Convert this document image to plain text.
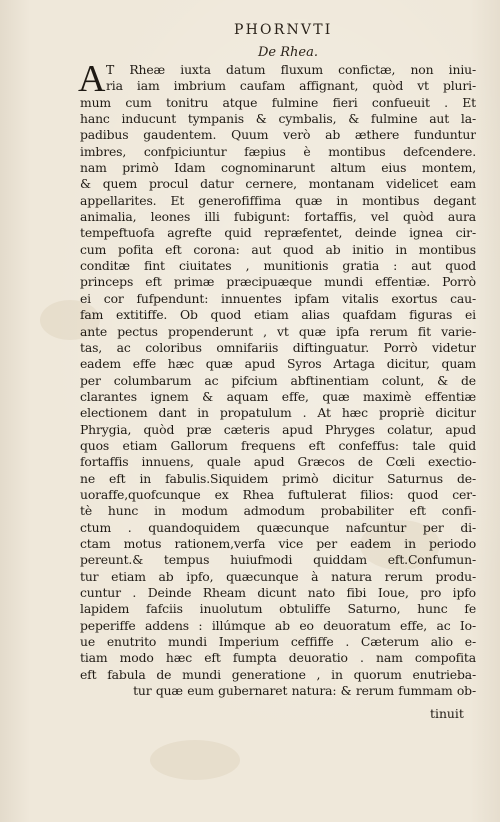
PHORNVTI
De Rhea.
A T Rheæ iuxta datum fluxum confictæ, non iniu-
ria iam imbrium caufam affignant, quòd vt pluri-
mum cum tonitru atque fulmine fieri confueuit . Et
hanc inducunt tympanis & cymbalis, & fulmine aut la-
padibus gaudentem. Quum verò ab æthere funduntur
imbres, confpiciuntur fæpius è montibus defcendere.
nam primò Idam cognominarunt altum eius montem,
& quem procul datur cernere, montanam videlicet eam
appellarites. Et generofiffima quæ in montibus degant
animalia, leones illi fubigunt: fortaffis, vel quòd aura
tempeftuofa agrefte quid repræfentet, deinde ignea cir-
cum pofita eft corona: aut quod ab initio in montibus
conditæ fint ciuitates , munitionis gratia : aut quod
princeps eft primæ præcipuæque mundi effentiæ. Porrò
ei cor fufpendunt: innuentes ipfam vitalis exortus cau-
fam extitiffe. Ob quod etiam alias quafdam figuras ei
ante pectus propenderunt , vt quæ ipfa rerum fit varie-
tas, ac coloribus omnifariis diftinguatur. Porrò videtur
eadem effe hæc quæ apud Syros Artaga dicitur, quam
per columbarum ac pifcium abftinentiam colunt, & de
clarantes ignem & aquam effe, quæ maximè effentiæ
electionem dant in propatulum . At hæc propriè dicitur
Phrygia, quòd præ cæteris apud Phryges colatur, apud
quos etiam Gallorum frequens eft confeffus: tale quid
fortaffis innuens, quale apud Græcos de Cœli exectio-
ne eft in fabulis.Siquidem primò dicitur Saturnus de-
uoraffe,quofcunque ex Rhea fuftulerat filios: quod cer-
tè hunc in modum admodum probabiliter eft confi-
ctum . quandoquidem quæcunque nafcuntur per di-
ctam motus rationem,verfa vice per eadem in periodo
pereunt.& tempus huiufmodi quiddam eft.Confumun-
tur etiam ab ipfo, quæcunque à natura rerum produ-
cuntur . Deinde Rheam dicunt nato fibi Ioue, pro ipfo
lapidem fafciis inuolutum obtuliffe Saturno, hunc fe
peperiffe addens : illúmque ab eo deuoratum effe, ac Io-
ue enutrito mundi Imperium ceffiffe . Cæterum alio e-
tiam modo hæc eft fumpta deuoratio . nam compofita
eft fabula de mundi generatione , in quorum enutrieba-
tur quæ eum gubernaret natura: & rerum fummam ob-
tinuit
